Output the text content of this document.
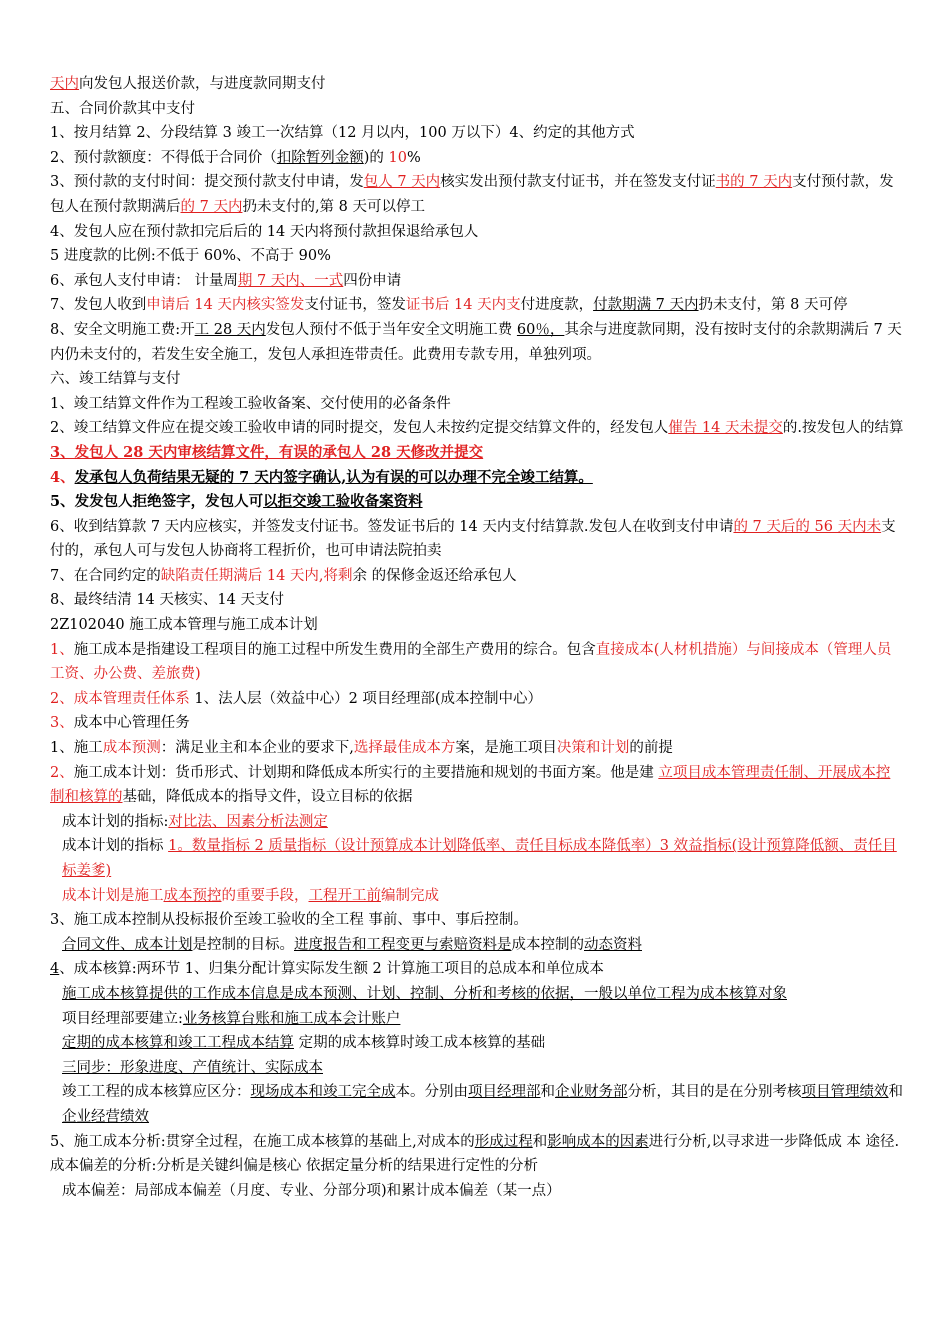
天内向发包人报送价款，与进度款同期支付
五、合同价款其中支付
1、按月结算 2、分段结算 3 竣工一次结算（12 月以内，100 万以下）4、约定的其他方式
2、预付款额度：不得低于合同价（扣除暂列金额)的 10%
3、预付款的支付时间：提交预付款支付申请，发包人 7 天内核实发出预付款支付证书，并在签发支付证书的 7 天内支付预付款，发包人在预付款期满后的 7 天内扔未支付的,第 8 天可以停工
4、发包人应在预付款扣完后后的 14 天内将预付款担保退给承包人
5 进度款的比例:不低于 60%、不高于 90%
6、承包人支付申请： 计量周期 7 天内、一式四份申请
7、发包人收到申请后 14 天内核实签发支付证书，签发证书后 14 天内支付进度款，付款期满 7 天内扔未支付，第 8 天可停
8、安全文明施工费:开工 28 天内发包人预付不低于当年安全文明施工费 60％，其余与进度款同期，没有按时支付的余款期满后 7 天内仍未支付的，若发生安全施工，发包人承担连带责任。此费用专款专用，单独列项。
六、竣工结算与支付
1、竣工结算文件作为工程竣工验收备案、交付使用的必备条件
2、竣工结算文件应在提交竣工验收申请的同时提交，发包人未按约定提交结算文件的，经发包人催告 14 天未提交的.按发包人的结算
3、发包人 28 天内审核结算文件，有误的承包人 28 天修改并提交
4、发承包人负荷结果无疑的 7 天内签字确认,认为有误的可以办理不完全竣工结算。
5、发发包人拒绝签字，发包人可以拒交竣工验收备案资料
6、收到结算款 7 天内应核实，并签发支付证书。签发证书后的 14 天内支付结算款.发包人在收到支付申请的 7 天后的 56 天内未支付的，承包人可与发包人协商将工程折价，也可申请法院拍卖
7、在合同约定的缺陷责任期满后 14 天内,将剩余 的保修金返还给承包人
8、最终结清 14 天核实、14 天支付
2Z102040 施工成本管理与施工成本计划
1、施工成本是指建设工程项目的施工过程中所发生费用的全部生产费用的综合。包含直接成本(人材机措施）与间接成本（管理人员工资、办公费、差旅费)
2、成本管理责任体系 1、法人层（效益中心）2 项目经理部(成本控制中心）
3、成本中心管理任务
1、施工成本预测：满足业主和本企业的要求下,选择最佳成本方案，是施工项目决策和计划的前提
2、施工成本计划：货币形式、计划期和降低成本所实行的主要措施和规划的书面方案。他是建 立项目成本管理责任制、开展成本控制和核算的基础，降低成本的指导文件，设立目标的依据
成本计划的指标:对比法、因素分析法测定
成本计划的指标 1。数量指标 2 质量指标（设计预算成本计划降低率、责任目标成本降低率）3 效益指标(设计预算降低额、责任目标姜爹)
成本计划是施工成本预控的重要手段，工程开工前编制完成
3、施工成本控制从投标报价至竣工验收的全工程 事前、事中、事后控制。
合同文件、成本计划是控制的目标。进度报告和工程变更与索赔资料是成本控制的动态资料
4、成本核算:两环节 1、归集分配计算实际发生额 2 计算施工项目的总成本和单位成本
施工成本核算提供的工作成本信息是成本预测、计划、控制、分析和考核的依据，一般以单位工程为成本核算对象
项目经理部要建立:业务核算台账和施工成本会计账户
定期的成本核算和竣工工程成本结算 定期的成本核算时竣工成本核算的基础
三同步：形象进度、产值统计、实际成本
竣工工程的成本核算应区分：现场成本和竣工完全成本。分别由项目经理部和企业财务部分析，其目的是在分别考核项目管理绩效和企业经营绩效
5、施工成本分析:贯穿全过程，在施工成本核算的基础上,对成本的形成过程和影响成本的因素进行分析,以寻求进一步降低成 本 途径. 成本偏差的分析:分析是关键纠偏是核心 依据定量分析的结果进行定性的分析
成本偏差：局部成本偏差（月度、专业、分部分项)和累计成本偏差（某一点）
